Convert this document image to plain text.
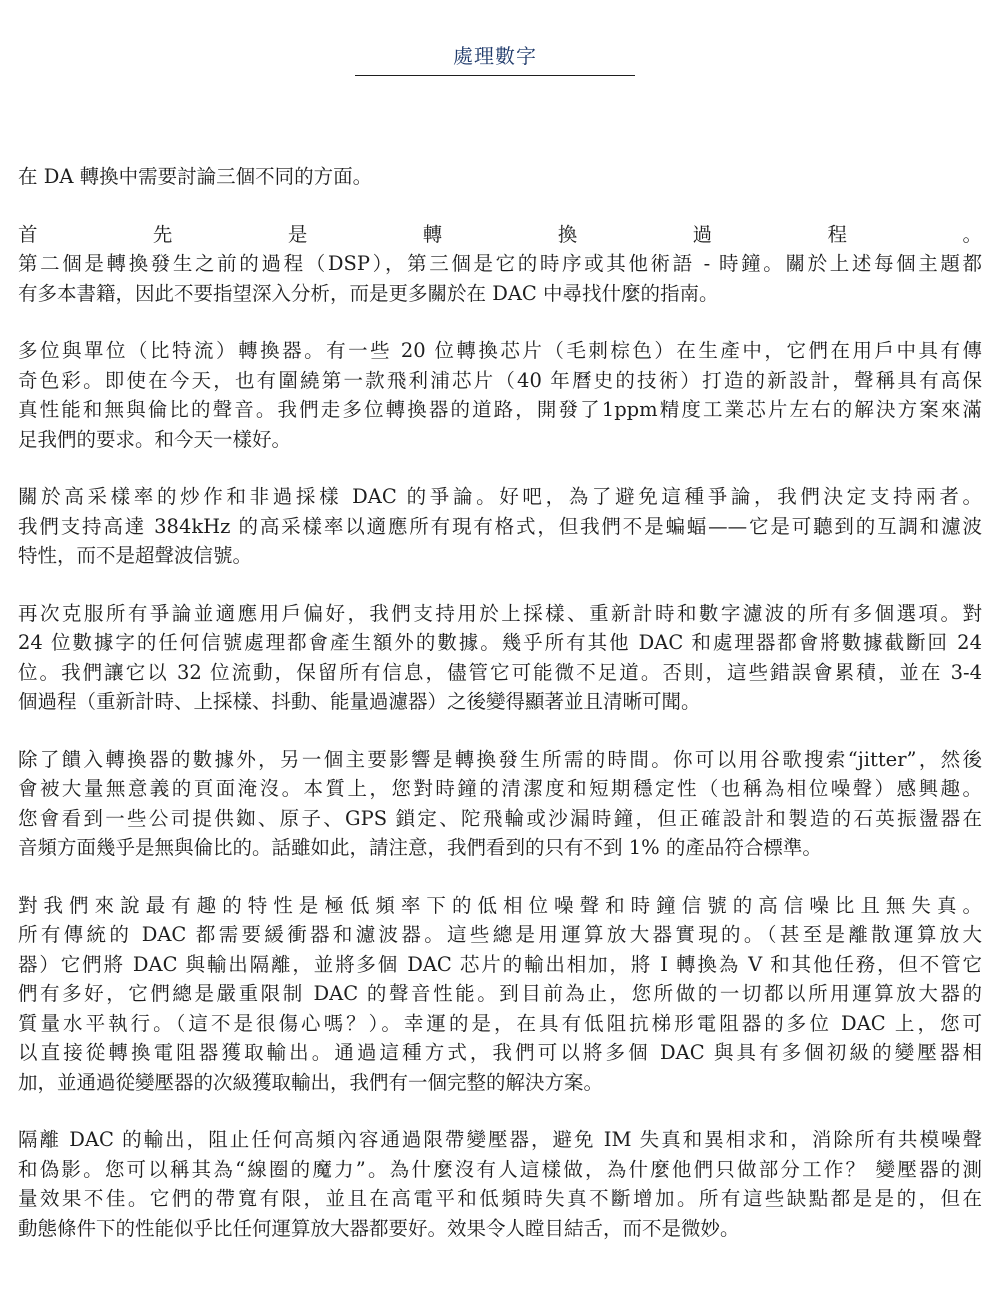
處理數字
在 DA 轉換中需要討論三個不同的方面。
首先是轉換過程。
第二個是轉換發生之前的過程（DSP），第三個是它的時序或其他術語 - 時鐘。關於上述每個主題都
有多本書籍，因此不要指望深入分析，而是更多關於在 DAC 中尋找什麼的指南。
多位與單位（比特流）轉換器。有一些 20 位轉換芯片（毛刺棕色）在生產中，它們在用戶中具有傳
奇色彩。即使在今天，也有圍繞第一款飛利浦芯片（40 年曆史的技術）打造的新設計，聲稱具有高保
真性能和無與倫比的聲音。我們走多位轉換器的道路，開發了1ppm精度工業芯片左右的解決方案來滿
足我們的要求。和今天一樣好。
關於高采樣率的炒作和非過採樣 DAC 的爭論。好吧，為了避免這種爭論，我們決定支持兩者。
我們支持高達 384kHz 的高采樣率以適應所有現有格式，但我們不是蝙蝠——它是可聽到的互調和濾波
特性，而不是超聲波信號。
再次克服所有爭論並適應用戶偏好，我們支持用於上採樣、重新計時和數字濾波的所有多個選項。對
24 位數據字的任何信號處理都會產生額外的數據。幾乎所有其他 DAC 和處理器都會將數據截斷回 24
位。我們讓它以 32 位流動，保留所有信息，儘管它可能微不足道。否則，這些錯誤會累積，並在 3-4
個過程（重新計時、上採樣、抖動、能量過濾器）之後變得顯著並且清晰可聞。
除了饋入轉換器的數據外，另一個主要影響是轉換發生所需的時間。你可以用谷歌搜索“jitter”，然後
會被大量無意義的頁面淹沒。本質上，您對時鐘的清潔度和短期穩定性（也稱為相位噪聲）感興趣。
您會看到一些公司提供銣、原子、GPS 鎖定、陀飛輪或沙漏時鐘，但正確設計和製造的石英振盪器在
音頻方面幾乎是無與倫比的。話雖如此，請注意，我們看到的只有不到 1% 的產品符合標準。
對我們來說最有趣的特性是極低頻率下的低相位噪聲和時鐘信號的高信噪比且無失真。
所有傳統的 DAC 都需要緩衝器和濾波器。這些總是用運算放大器實現的。（甚至是離散運算放大
器）它們將 DAC 與輸出隔離，並將多個 DAC 芯片的輸出相加，將 I 轉換為 V 和其他任務，但不管它
們有多好，它們總是嚴重限制 DAC 的聲音性能。到目前為止，您所做的一切都以所用運算放大器的
質量水平執行。（這不是很傷心嗎？）。幸運的是，在具有低阻抗梯形電阻器的多位 DAC 上，您可
以直接從轉換電阻器獲取輸出。通過這種方式，我們可以將多個 DAC 與具有多個初級的變壓器相
加，並通過從變壓器的次級獲取輸出，我們有一個完整的解決方案。
隔離 DAC 的輸出，阻止任何高頻內容通過限帶變壓器，避免 IM 失真和異相求和，消除所有共模噪聲
和偽影。您可以稱其為“線圈的魔力”。為什麼沒有人這樣做，為什麼他們只做部分工作？ 變壓器的測
量效果不佳。它們的帶寬有限，並且在高電平和低頻時失真不斷增加。所有這些缺點都是是的，但在
動態條件下的性能似乎比任何運算放大器都要好。效果令人瞠目結舌，而不是微妙。
